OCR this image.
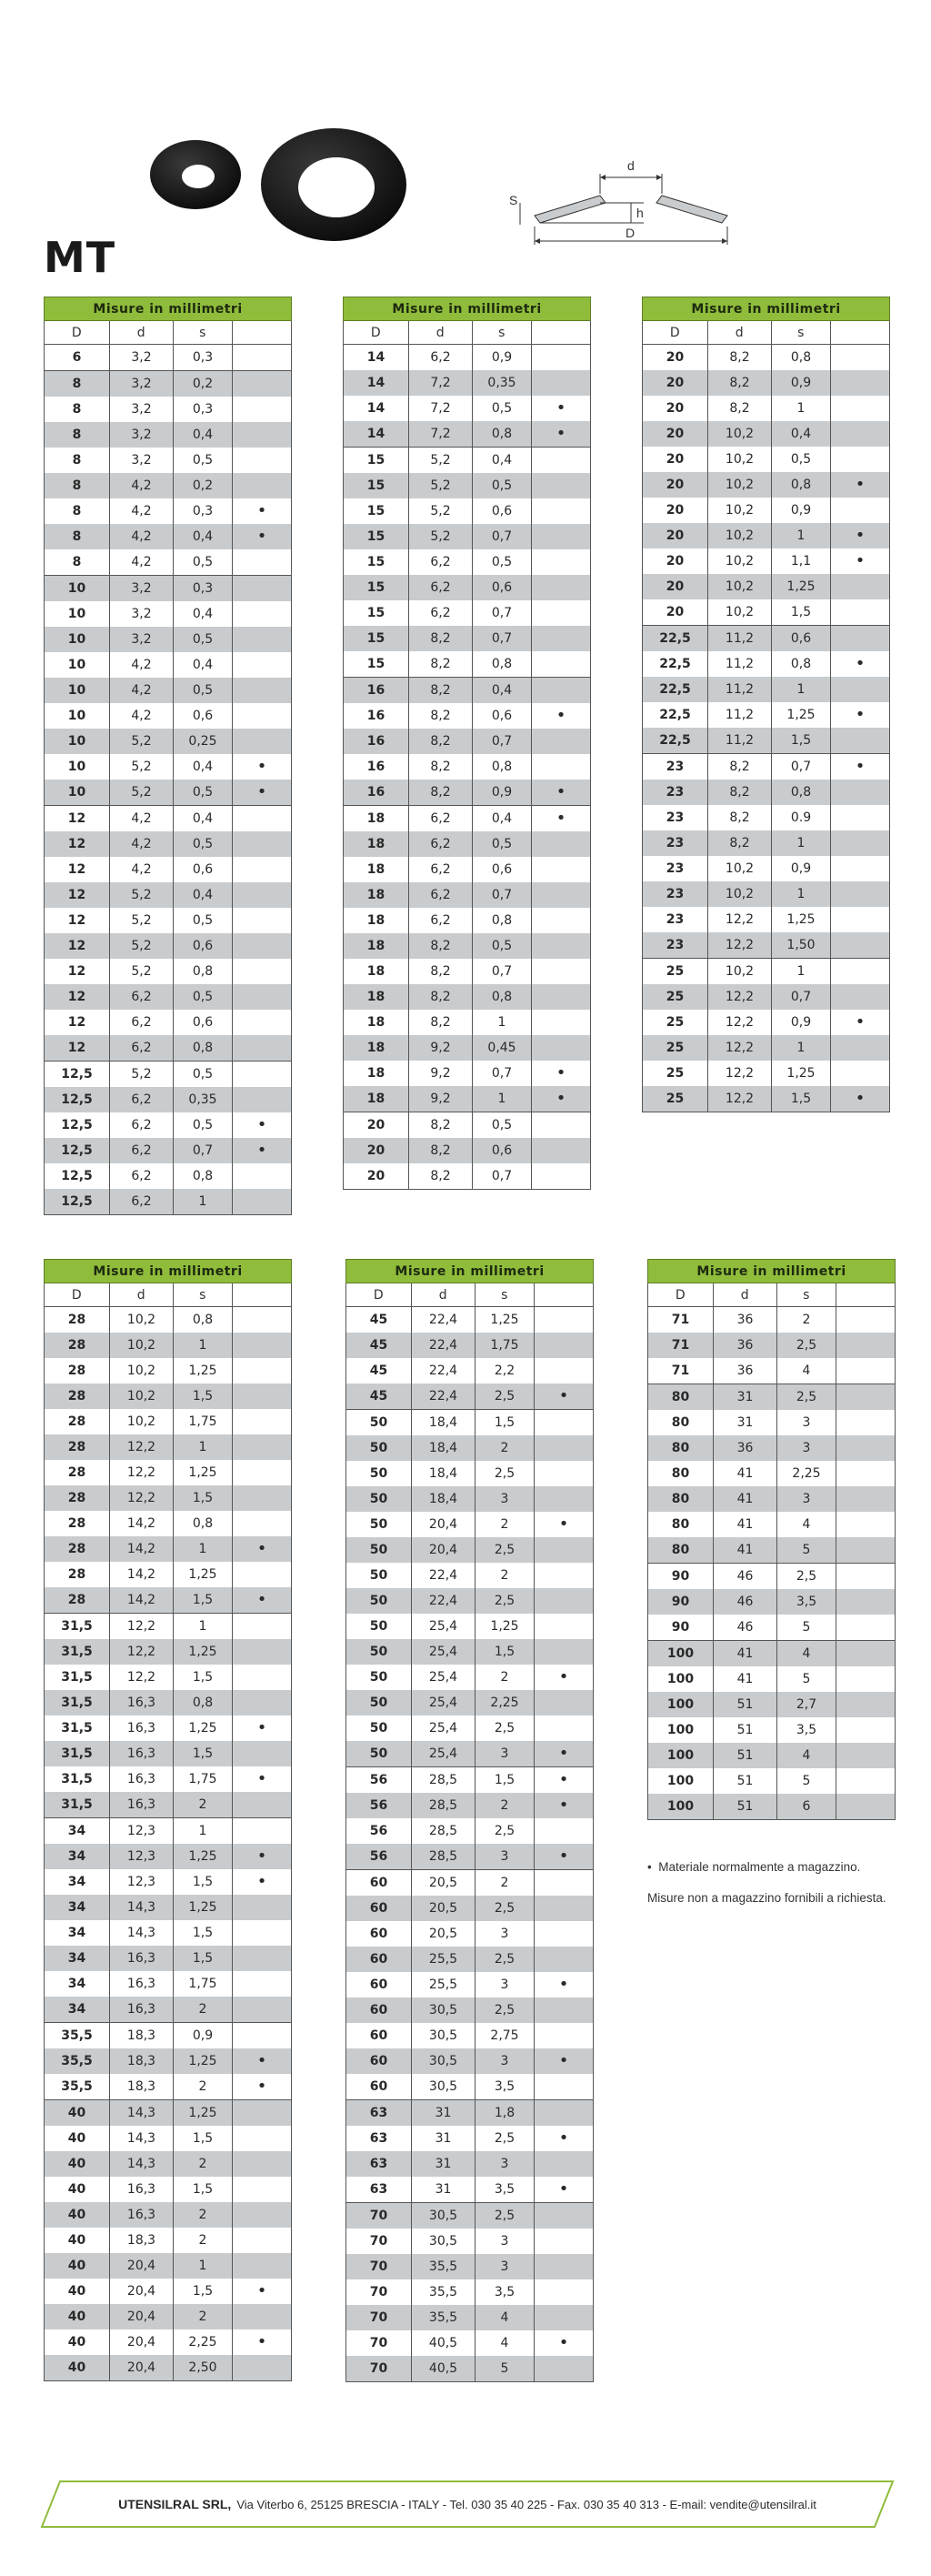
d
D
S
h
MT
Misure in millimetri			
D	d	s	
6	3,2	0,3	
8	3,2	0,2	
8	3,2	0,3	
8	3,2	0,4	
8	3,2	0,5	
8	4,2	0,2	
8	4,2	0,3	•
8	4,2	0,4	•
8	4,2	0,5	
10	3,2	0,3	
10	3,2	0,4	
10	3,2	0,5	
10	4,2	0,4	
10	4,2	0,5	
10	4,2	0,6	
10	5,2	0,25	
10	5,2	0,4	•
10	5,2	0,5	•
12	4,2	0,4	
12	4,2	0,5	
12	4,2	0,6	
12	5,2	0,4	
12	5,2	0,5	
12	5,2	0,6	
12	5,2	0,8	
12	6,2	0,5	
12	6,2	0,6	
12	6,2	0,8	
12,5	5,2	0,5	
12,5	6,2	0,35	
12,5	6,2	0,5	•
12,5	6,2	0,7	•
12,5	6,2	0,8	
12,5	6,2	1	
Misure in millimetri			
D	d	s	
14	6,2	0,9	
14	7,2	0,35	
14	7,2	0,5	•
14	7,2	0,8	•
15	5,2	0,4	
15	5,2	0,5	
15	5,2	0,6	
15	5,2	0,7	
15	6,2	0,5	
15	6,2	0,6	
15	6,2	0,7	
15	8,2	0,7	
15	8,2	0,8	
16	8,2	0,4	
16	8,2	0,6	•
16	8,2	0,7	
16	8,2	0,8	
16	8,2	0,9	•
18	6,2	0,4	•
18	6,2	0,5	
18	6,2	0,6	
18	6,2	0,7	
18	6,2	0,8	
18	8,2	0,5	
18	8,2	0,7	
18	8,2	0,8	
18	8,2	1	
18	9,2	0,45	
18	9,2	0,7	•
18	9,2	1	•
20	8,2	0,5	
20	8,2	0,6	
20	8,2	0,7	
Misure in millimetri			
D	d	s	
20	8,2	0,8	
20	8,2	0,9	
20	8,2	1	
20	10,2	0,4	
20	10,2	0,5	
20	10,2	0,8	•
20	10,2	0,9	
20	10,2	1	•
20	10,2	1,1	•
20	10,2	1,25	
20	10,2	1,5	
22,5	11,2	0,6	
22,5	11,2	0,8	•
22,5	11,2	1	
22,5	11,2	1,25	•
22,5	11,2	1,5	
23	8,2	0,7	•
23	8,2	0,8	
23	8,2	0.9	
23	8,2	1	
23	10,2	0,9	
23	10,2	1	
23	12,2	1,25	
23	12,2	1,50	
25	10,2	1	
25	12,2	0,7	
25	12,2	0,9	•
25	12,2	1	
25	12,2	1,25	
25	12,2	1,5	•
Misure in millimetri			
D	d	s	
28	10,2	0,8	
28	10,2	1	
28	10,2	1,25	
28	10,2	1,5	
28	10,2	1,75	
28	12,2	1	
28	12,2	1,25	
28	12,2	1,5	
28	14,2	0,8	
28	14,2	1	•
28	14,2	1,25	
28	14,2	1,5	•
31,5	12,2	1	
31,5	12,2	1,25	
31,5	12,2	1,5	
31,5	16,3	0,8	
31,5	16,3	1,25	•
31,5	16,3	1,5	
31,5	16,3	1,75	•
31,5	16,3	2	
34	12,3	1	
34	12,3	1,25	•
34	12,3	1,5	•
34	14,3	1,25	
34	14,3	1,5	
34	16,3	1,5	
34	16,3	1,75	
34	16,3	2	
35,5	18,3	0,9	
35,5	18,3	1,25	•
35,5	18,3	2	•
40	14,3	1,25	
40	14,3	1,5	
40	14,3	2	
40	16,3	1,5	
40	16,3	2	
40	18,3	2	
40	20,4	1	
40	20,4	1,5	•
40	20,4	2	
40	20,4	2,25	•
40	20,4	2,50	
Misure in millimetri			
D	d	s	
45	22,4	1,25	
45	22,4	1,75	
45	22,4	2,2	
45	22,4	2,5	•
50	18,4	1,5	
50	18,4	2	
50	18,4	2,5	
50	18,4	3	
50	20,4	2	•
50	20,4	2,5	
50	22,4	2	
50	22,4	2,5	
50	25,4	1,25	
50	25,4	1,5	
50	25,4	2	•
50	25,4	2,25	
50	25,4	2,5	
50	25,4	3	•
56	28,5	1,5	•
56	28,5	2	•
56	28,5	2,5	
56	28,5	3	•
60	20,5	2	
60	20,5	2,5	
60	20,5	3	
60	25,5	2,5	
60	25,5	3	•
60	30,5	2,5	
60	30,5	2,75	
60	30,5	3	•
60	30,5	3,5	
63	31	1,8	
63	31	2,5	•
63	31	3	
63	31	3,5	•
70	30,5	2,5	
70	30,5	3	
70	35,5	3	
70	35,5	3,5	
70	35,5	4	
70	40,5	4	•
70	40,5	5	
Misure in millimetri			
D	d	s	
71	36	2	
71	36	2,5	
71	36	4	
80	31	2,5	
80	31	3	
80	36	3	
80	41	2,25	
80	41	3	
80	41	4	
80	41	5	
90	46	2,5	
90	46	3,5	
90	46	5	
100	41	4	
100	41	5	
100	51	2,7	
100	51	3,5	
100	51	4	
100	51	5	
100	51	6	

• Materiale normalmente a magazzino.

Misure non a magazzino fornibili a richiesta.

UTENSILRAL SRL, Via Viterbo 6, 25125 BRESCIA - ITALY - Tel. 030 35 40 225 - Fax. 030 35 40 313 - E-mail: vendite@utensilral.it
